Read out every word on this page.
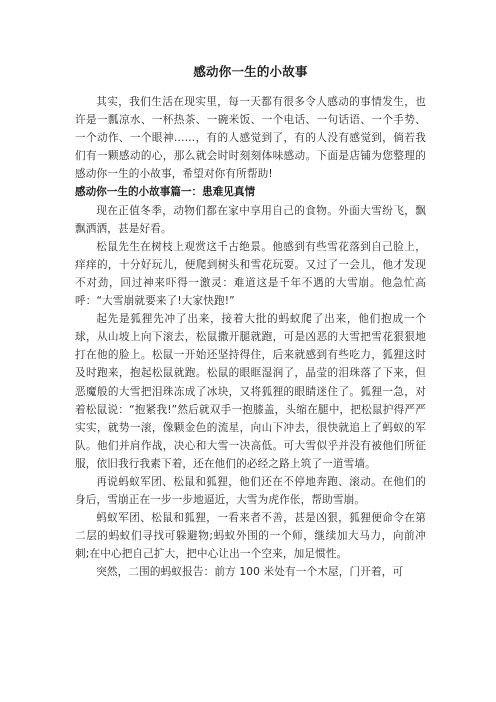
感动你一生的小故事

其实，我们生活在现实里，每一天都有很多令人感动的事情发生，也许是一瓢凉水、一杯热茶、一碗米饭、一个电话、一句话语、一个手势、一个动作、一个眼神……，有的人感觉到了，有的人没有感觉到，倘若我们有一颗感动的心，那么就会时时刻刻体味感动。下面是店铺为您整理的感动你一生的小故事，希望对你有所帮助!

感动你一生的小故事篇一：患难见真情

现在正值冬季，动物们都在家中享用自己的食物。外面大雪纷飞，飘飘洒洒，甚是好看。

松鼠先生在树枝上观赏这千古绝景。他感到有些雪花落到自己脸上，痒痒的，十分好玩儿，便爬到树头和雪花玩耍。又过了一会儿，他才发现不对劲，回过神来吓得一激灵：难道这是千年不遇的大雪崩。他急忙高呼：“大雪崩就要来了!大家快跑!”

起先是狐狸先冲了出来，接着大批的蚂蚁爬了出来，他们抱成一个球，从山坡上向下滚去，松鼠撒开腿就跑，可是凶恶的大雪把雪花狠狠地打在他的脸上。松鼠一开始还坚持得住，后来就感到有些吃力，狐狸这时及时跑来，抱起松鼠就跑。松鼠的眼眶湿润了，晶莹的泪珠落了下来，但恶魔般的大雪把泪珠冻成了冰块，又将狐狸的眼睛迷住了。狐狸一急，对着松鼠说：“抱紧我!”然后就双手一抱膝盖，头缩在腿中，把松鼠护得严严实实，就势一滚，像颗金色的流星，向山下冲去，很快就追上了蚂蚁的军队。他们并肩作战，决心和大雪一决高低。可大雪似乎并没有被他们所征服，依旧我行我素下着，还在他们的必经之路上筑了一道雪墙。

再说蚂蚁军团、松鼠和狐狸，他们还在不停地奔跑、滚动。在他们的身后，雪崩正在一步一步地逼近，大雪为虎作伥，帮助雪崩。

蚂蚁军团、松鼠和狐狸，一看来者不善，甚是凶狠，狐狸便命令在第二层的蚂蚁们寻找可躲避物;蚂蚁外围的一个师，继续加大马力，向前冲刺;在中心把自己扩大，把中心让出一个空来，加足惯性。

突然，二围的蚂蚁报告：前方 100 米处有一个木屋，门开着，可
